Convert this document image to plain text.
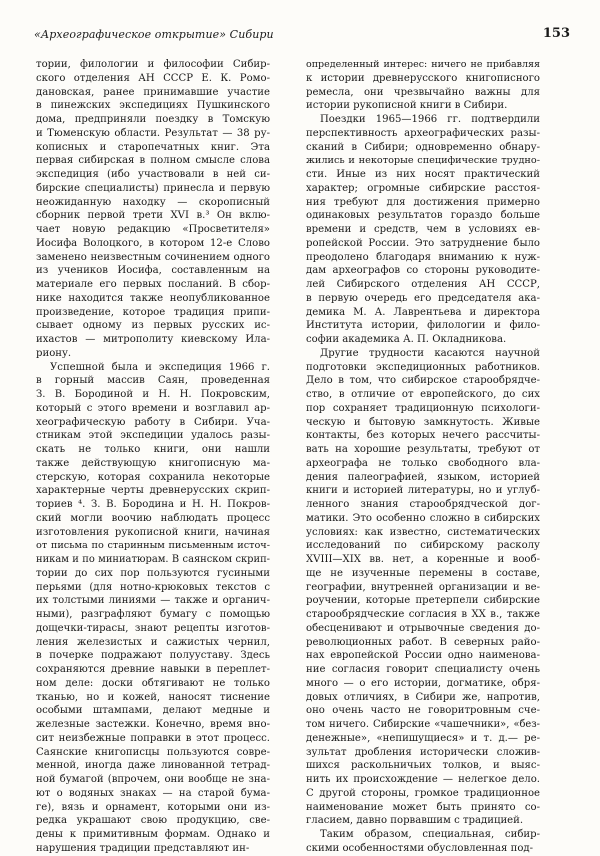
«Археографическое открытие» Сибири	153
тории, филологии и философии Сибир-
ского отделения АН СССР Е. К. Ромо-
дановская, ранее принимавшие участие
в пинежских экспедициях Пушкинского
дома, предприняли поездку в Томскую
и Тюменскую области. Результат — 38 ру-
кописных и старопечатных книг. Эта
первая сибирская в полном смысле слова
экспедиция (ибо участвовали в ней си-
бирские специалисты) принесла и первую
неожиданную находку — скорописный
сборник первой трети XVI в.³ Он вклю-
чает новую редакцию «Просветителя»
Иосифа Волоцкого, в котором 12-е Слово
заменено неизвестным сочинением одного
из учеников Иосифа, составленным на
материале его первых посланий. В сбор-
нике находится также неопубликованное
произведение, которое традиция припи-
сывает одному из первых русских ис-
ихастов — митрополиту киевскому Ила-
риону.
Успешной была и экспедиция 1966 г.
в горный массив Саян, проведенная
З. В. Бородиной и Н. Н. Покровским,
который с этого времени и возглавил ар-
хеографическую работу в Сибири. Уча-
стникам этой экспедиции удалось разы-
скать не только книги, они нашли
также действующую книгописную ма-
стерскую, которая сохранила некоторые
характерные черты древнерусских скрип-
ториев ⁴. З. В. Бородина и Н. Н. Покров-
ский могли воочию наблюдать процесс
изготовления рукописной книги, начиная
от письма по старинным письменным источ-
никам и по миниатюрам. В саянском скрип-
тории до сих пор пользуются гусиными
перьями (для нотно-крюковых текстов с
их толстыми линиями — также и органич-
ными), разграфляют бумагу с помощью
дощечки-тирасы, знают рецепты изготов-
ления железистых и сажистых чернил,
в почерке подражают полууставу. Здесь
сохраняются древние навыки в переплет-
ном деле: доски обтягивают не только
тканью, но и кожей, наносят тиснение
особыми штампами, делают медные и
железные застежки. Конечно, время вно-
сит неизбежные поправки в этот процесс.
Саянские книгописцы пользуются совре-
менной, иногда даже линованной тетрад-
ной бумагой (впрочем, они вообще не зна-
ют о водяных знаках — на старой бума-
ге), вязь и орнамент, которыми они из-
редка украшают свою продукцию, све-
дены к примитивным формам. Однако и
нарушения традиции представляют ин-
определенный интерес: ничего не прибавляя
к истории древнерусского книгописного
ремесла, они чрезвычайно важны для
истории рукописной книги в Сибири.
Поездки 1965—1966 гг. подтвердили
перспективность археографических разы-
сканий в Сибири; одновременно обнару-
жились и некоторые специфические трудно-
сти. Иные из них носят практический
характер; огромные сибирские расстоя-
ния требуют для достижения примерно
одинаковых результатов гораздо больше
времени и средств, чем в условиях ев-
ропейской России. Это затруднение было
преодолено благодаря вниманию к нуж-
дам археографов со стороны руководите-
лей Сибирского отделения АН СССР,
в первую очередь его председателя ака-
демика М. А. Лаврентьева и директора
Института истории, филологии и фило-
софии академика А. П. Окладникова.
Другие трудности касаются научной
подготовки экспедиционных работников.
Дело в том, что сибирское старообрядче-
ство, в отличие от европейского, до сих
пор сохраняет традиционную психологи-
ческую и бытовую замкнутость. Живые
контакты, без которых нечего рассчиты-
вать на хорошие результаты, требуют от
археографа не только свободного вла-
дения палеографией, языком, историей
книги и историей литературы, но и углуб-
ленного знания старообрядческой дог-
матики. Это особенно сложно в сибирских
условиях: как известно, систематических
исследований по сибирскому расколу
XVIII—XIX вв. нет, а коренные и вооб-
ще не изученные перемены в составе,
географии, внутренней организации и ве-
роучении, которые претерпели сибирские
старообрядческие согласия в XX в., также
обесценивают и отрывочные сведения до-
революционных работ. В северных райо-
нах европейской России одно наименова-
ние согласия говорит специалисту очень
много — о его истории, догматике, обря-
довых отличиях, в Сибири же, напротив,
оно очень часто не говоритровным сче-
том ничего. Сибирские «чашечники», «без-
денежные», «непишущиеся» и т. д.— ре-
зультат дробления исторически сложив-
шихся раскольничьих толков, и выяс-
нить их происхождение — нелегкое дело.
С другой стороны, громкое традиционное
наименование может быть принято со-
гласием, давно порвавшим с традицией.
Таким образом, специальная, сибир-
скими особенностями обусловленная под-
